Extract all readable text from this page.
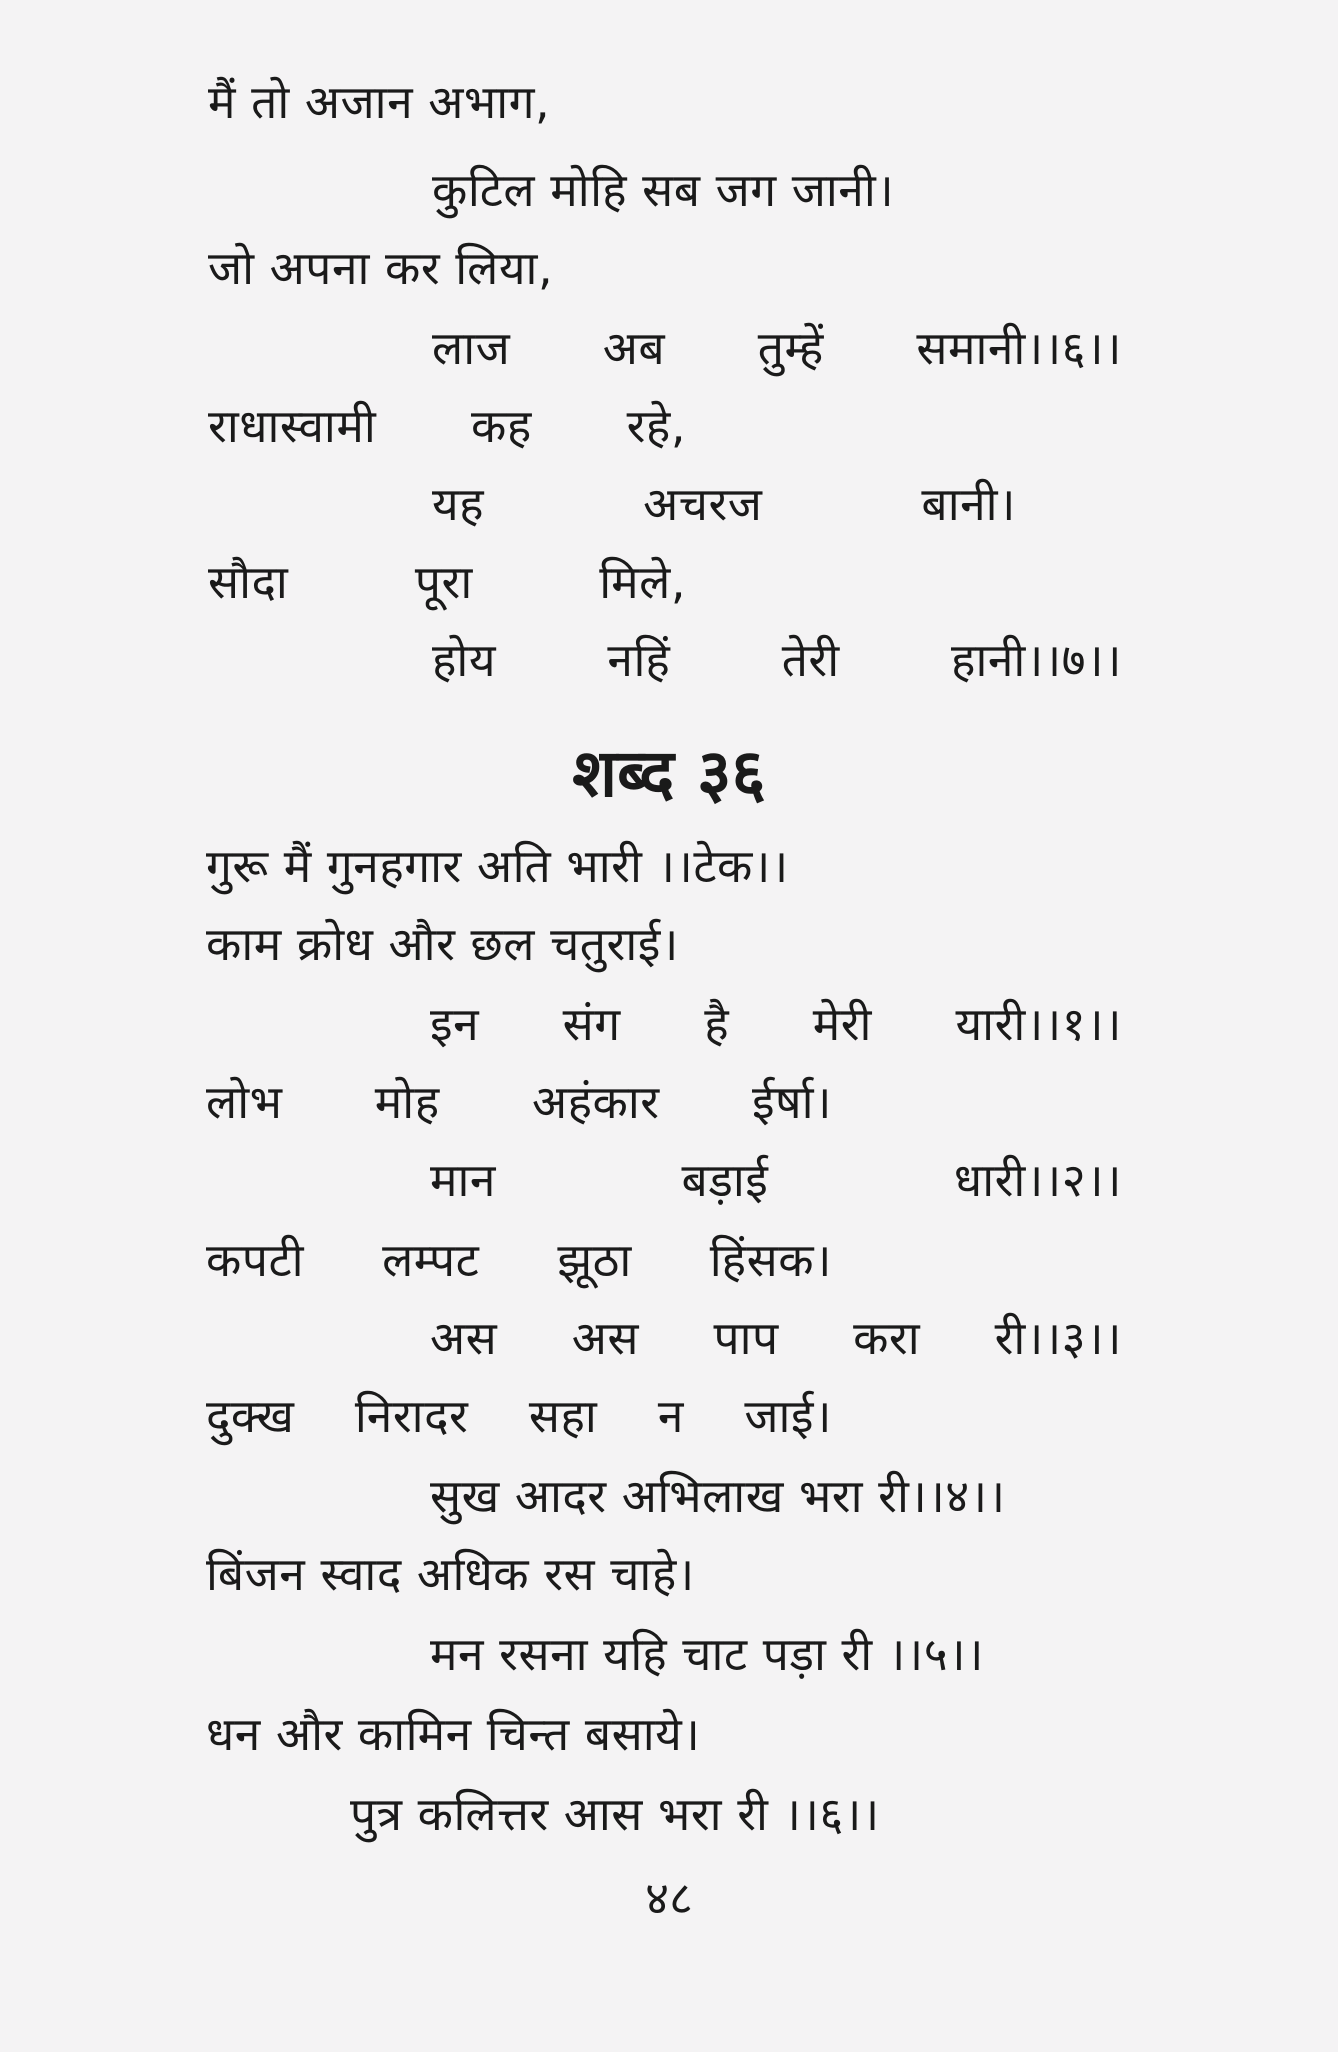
मैं तो अजान अभाग,
कुटिल मोहि सब जग जानी।
जो अपना कर लिया,
लाज अब तुम्हें समानी।।६।।
राधास्वामी कह रहे,
यह	अचरज	बानी।
सौदा	पूरा	मिले,
होय नहिं तेरी हानी।।७।।
शब्द ३६
गुरू मैं गुनहगार अति भारी ।।टेक।।
काम क्रोध और छल चतुराई।
इन संग है मेरी यारी।।१।।
लोभ मोह अहंकार ईर्षा।
मान	बड़ाई	धारी।।२।।
कपटी लम्पट झूठा हिंसक।
अस अस पाप करा री।।३।।
दुक्ख निरादर सहा न जाई।
सुख आदर अभिलाख भरा री।।४।।
बिंजन स्वाद अधिक रस चाहे।
मन रसना यहि चाट पड़ा री ।।५।।
धन और कामिन चिन्त बसाये।
पुत्र कलित्तर आस भरा री ।।६।।
४८
